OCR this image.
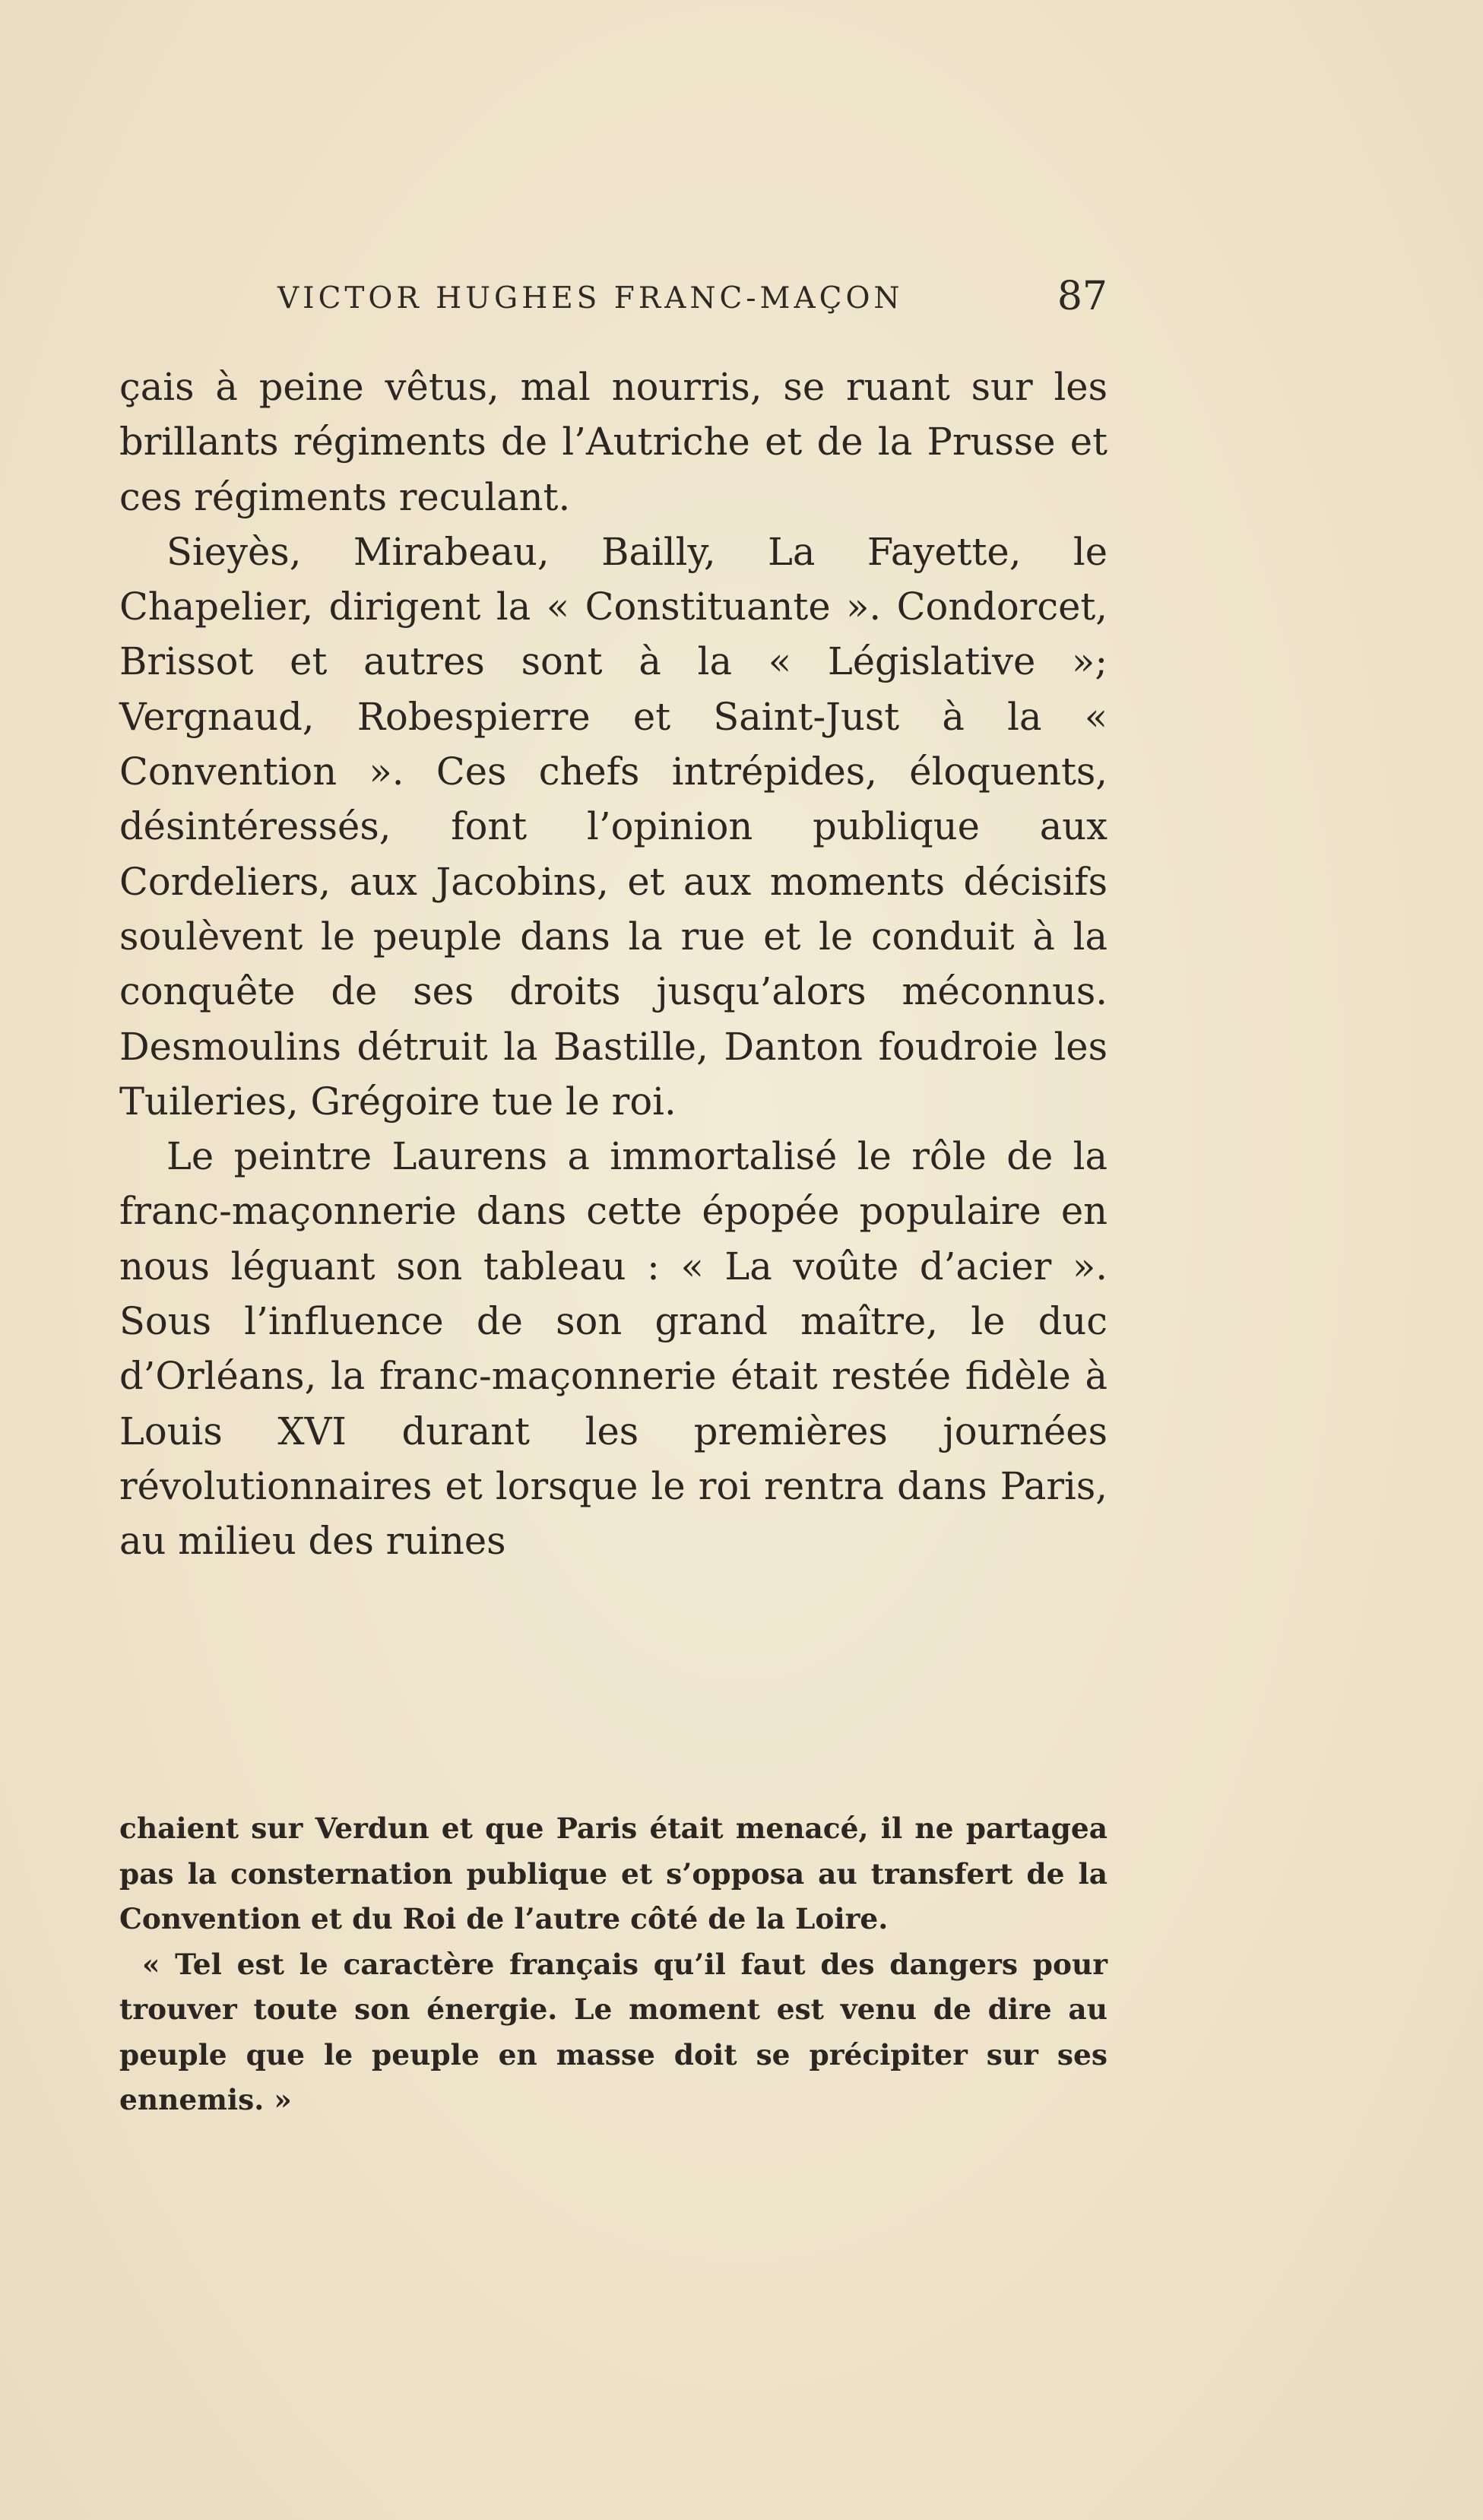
VICTOR HUGHES FRANC-MAÇON	87

çais à peine vêtus, mal nourris, se ruant sur les brillants régiments de l’Autriche et de la Prusse et ces régiments reculant.

Sieyès, Mirabeau, Bailly, La Fayette, le Chapelier, dirigent la « Constituante ». Condorcet, Brissot et autres sont à la « Législative »; Vergnaud, Robespierre et Saint-Just à la « Convention ». Ces chefs intrépides, éloquents, désintéressés, font l’opinion publique aux Cordeliers, aux Jacobins, et aux moments décisifs soulèvent le peuple dans la rue et le conduit à la conquête de ses droits jusqu’alors méconnus. Desmoulins détruit la Bastille, Danton foudroie les Tuileries, Grégoire tue le roi.

Le peintre Laurens a immortalisé le rôle de la franc-maçonnerie dans cette épopée populaire en nous léguant son tableau : « La voûte d’acier ». Sous l’influence de son grand maître, le duc d’Orléans, la franc-maçonnerie était restée fidèle à Louis XVI durant les premières journées révolutionnaires et lorsque le roi rentra dans Paris, au milieu des ruines

chaient sur Verdun et que Paris était menacé, il ne partagea pas la consternation publique et s’opposa au transfert de la Convention et du Roi de l’autre côté de la Loire.

« Tel est le caractère français qu’il faut des dangers pour trouver toute son énergie. Le moment est venu de dire au peuple que le peuple en masse doit se précipiter sur ses ennemis. »
